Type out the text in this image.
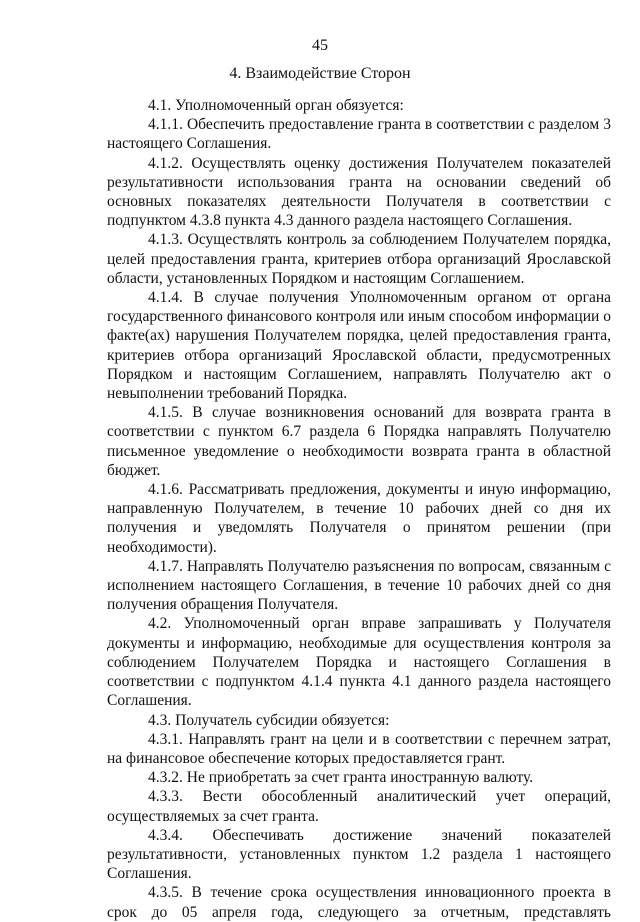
45
4. Взаимодействие Сторон

4.1. Уполномоченный орган обязуется:

4.1.1. Обеспечить предоставление гранта в соответствии с разделом 3 настоящего Соглашения.

4.1.2. Осуществлять оценку достижения Получателем показателей результативности использования гранта на основании сведений об основных показателях деятельности Получателя в соответствии с подпунктом 4.3.8 пункта 4.3 данного раздела настоящего Соглашения.

4.1.3. Осуществлять контроль за соблюдением Получателем порядка, целей предоставления гранта, критериев отбора организаций Ярославской области, установленных Порядком и настоящим Соглашением.

4.1.4. В случае получения Уполномоченным органом от органа государственного финансового контроля или иным способом информации о факте(ах) нарушения Получателем порядка, целей предоставления гранта, критериев отбора организаций Ярославской области, предусмотренных Порядком и настоящим Соглашением, направлять Получателю акт о невыполнении требований Порядка.

4.1.5. В случае возникновения оснований для возврата гранта в соответствии с пунктом 6.7 раздела 6 Порядка направлять Получателю письменное уведомление о необходимости возврата гранта в областной бюджет.

4.1.6. Рассматривать предложения, документы и иную информацию, направленную Получателем, в течение 10 рабочих дней со дня их получения и уведомлять Получателя о принятом решении (при необходимости).

4.1.7. Направлять Получателю разъяснения по вопросам, связанным с исполнением настоящего Соглашения, в течение 10 рабочих дней со дня получения обращения Получателя.

4.2. Уполномоченный орган вправе запрашивать у Получателя документы и информацию, необходимые для осуществления контроля за соблюдением Получателем Порядка и настоящего Соглашения в соответствии с подпунктом 4.1.4 пункта 4.1 данного раздела настоящего Соглашения.

4.3. Получатель субсидии обязуется:

4.3.1. Направлять грант на цели и в соответствии с перечнем затрат, на финансовое обеспечение которых предоставляется грант.

4.3.2. Не приобретать за счет гранта иностранную валюту.

4.3.3. Вести обособленный аналитический учет операций, осуществляемых за счет гранта.

4.3.4. Обеспечивать достижение значений показателей результативности, установленных пунктом 1.2 раздела 1 настоящего Соглашения.

4.3.5. В течение срока осуществления инновационного проекта в срок до 05 апреля года, следующего за отчетным, представлять
